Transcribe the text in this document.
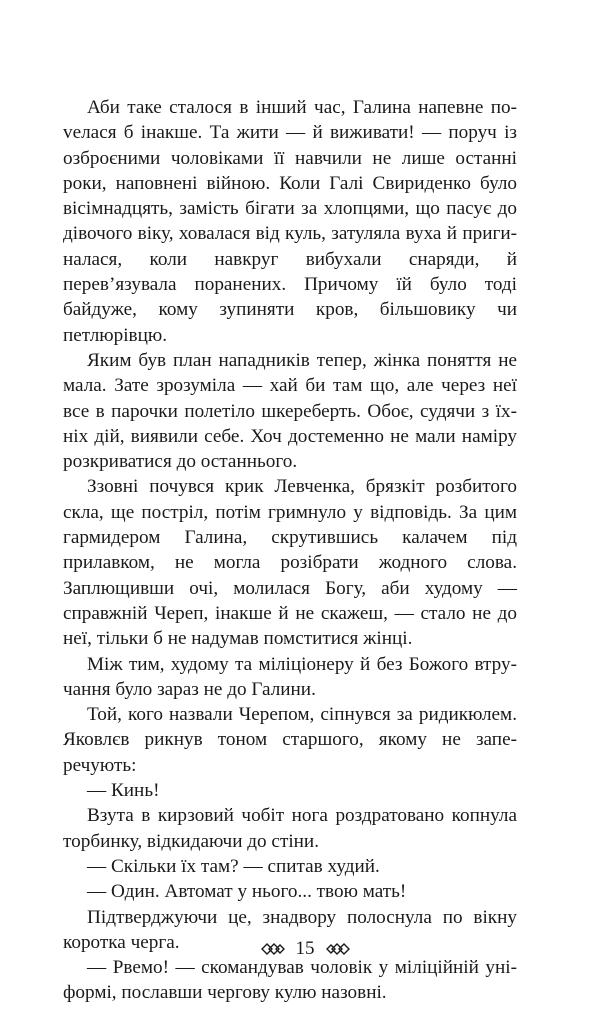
Аби таке сталося в інший час, Галина напевне поvелася б інакше. Та жити — й виживати! — поруч із озброєними чоловіками її навчили не лише останні роки, наповнені війною. Коли Галі Свириденко було вісімнадцять, замість бігати за хлопцями, що пасує до дівочого віку, ховалася від куль, затуляла вуха й пригиналася, коли навкруг вибухали снаряди, й перев’язувала поранених. Причому їй було тоді байдуже, кому зупиняти кров, більшовику чи петлюрівцю.

Яким був план нападників тепер, жінка поняття не мала. Зате зрозуміла — хай би там що, але через неї все в парочки полетіло шкереберть. Обоє, судячи з їхніх дій, виявили себе. Хоч достеменно не мали наміру розкриватися до останнього.

Ззовні почувся крик Левченка, брязкіт розбитого скла, ще постріл, потім гримнуло у відповідь. За цим гармидером Галина, скрутившись калачем під прилавком, не могла розібрати жодного слова. Заплющивши очі, молилася Богу, аби худому — справжній Череп, інакше й не скажеш, — стало не до неї, тільки б не надумав помститися жінці.

Між тим, худому та міліціонеру й без Божого втручання було зараз не до Галини.

Той, кого назвали Черепом, сіпнувся за ридикюлем. Яковлєв рикнув тоном старшого, якому не заперечують:

— Кинь!

Взута в кирзовий чобіт нога роздратовано копнула торбинку, відкидаючи до стіни.

— Скільки їх там? — спитав худий.

— Один. Автомат у нього... твою мать!

Підтверджуючи це, знадвору полоснула по вікну коротка черга.

— Рвемо! — скомандував чоловік у міліційній уніформі, пославши чергову кулю назовні.

15
